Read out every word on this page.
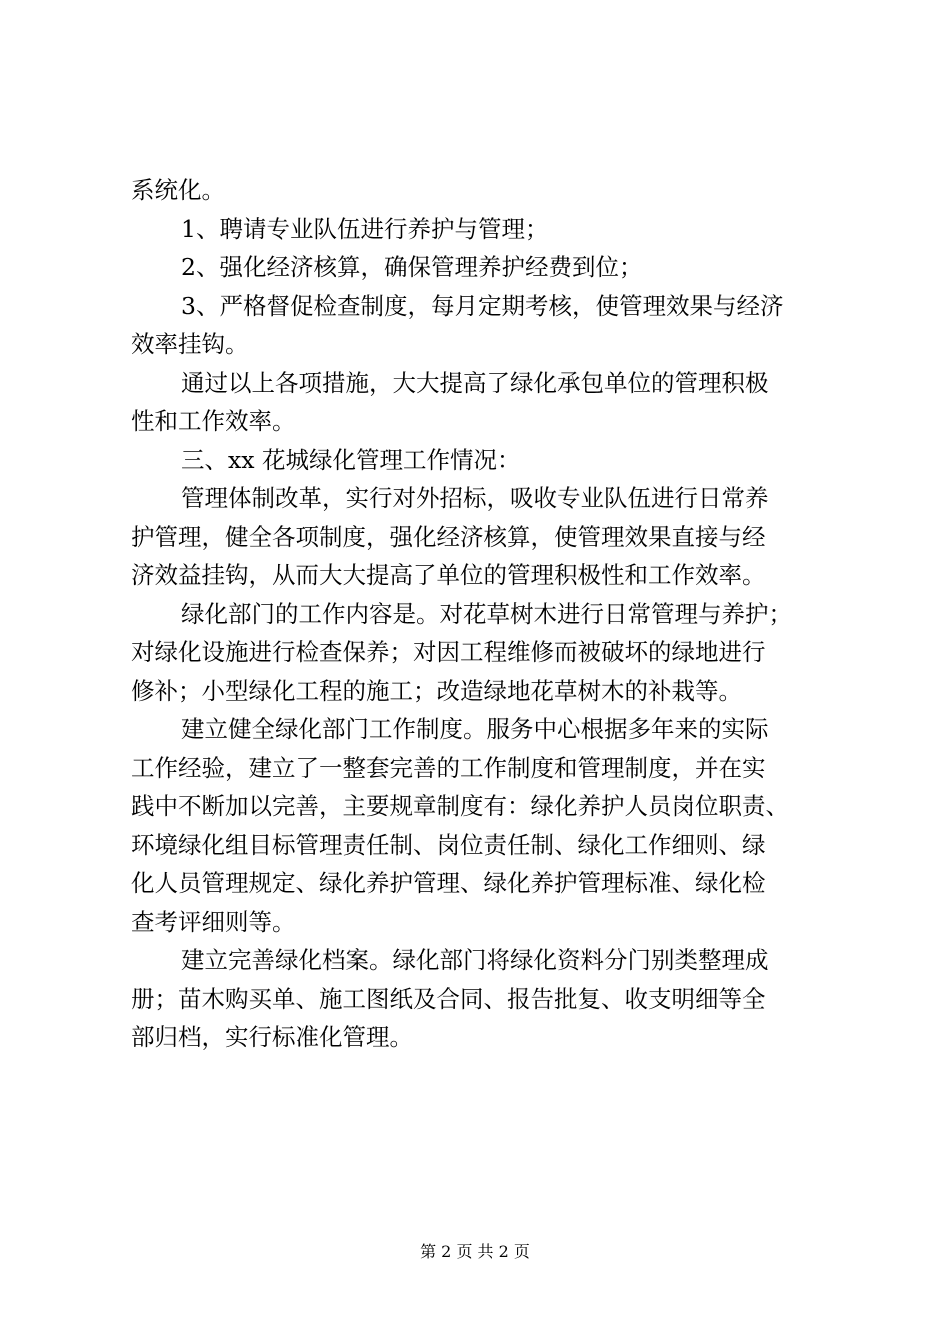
系统化。
1、聘请专业队伍进行养护与管理；
2、强化经济核算，确保管理养护经费到位；
3、严格督促检查制度，每月定期考核，使管理效果与经济
效率挂钩。
通过以上各项措施，大大提高了绿化承包单位的管理积极
性和工作效率。
三、xx 花城绿化管理工作情况：
管理体制改革，实行对外招标，吸收专业队伍进行日常养
护管理，健全各项制度，强化经济核算，使管理效果直接与经
济效益挂钩，从而大大提高了单位的管理积极性和工作效率。
绿化部门的工作内容是。对花草树木进行日常管理与养护；
对绿化设施进行检查保养；对因工程维修而被破坏的绿地进行
修补；小型绿化工程的施工；改造绿地花草树木的补栽等。
建立健全绿化部门工作制度。服务中心根据多年来的实际
工作经验，建立了一整套完善的工作制度和管理制度，并在实
践中不断加以完善，主要规章制度有：绿化养护人员岗位职责、
环境绿化组目标管理责任制、岗位责任制、绿化工作细则、绿
化人员管理规定、绿化养护管理、绿化养护管理标准、绿化检
查考评细则等。
建立完善绿化档案。绿化部门将绿化资料分门别类整理成
册；苗木购买单、施工图纸及合同、报告批复、收支明细等全
部归档，实行标准化管理。
第 2 页 共 2 页
